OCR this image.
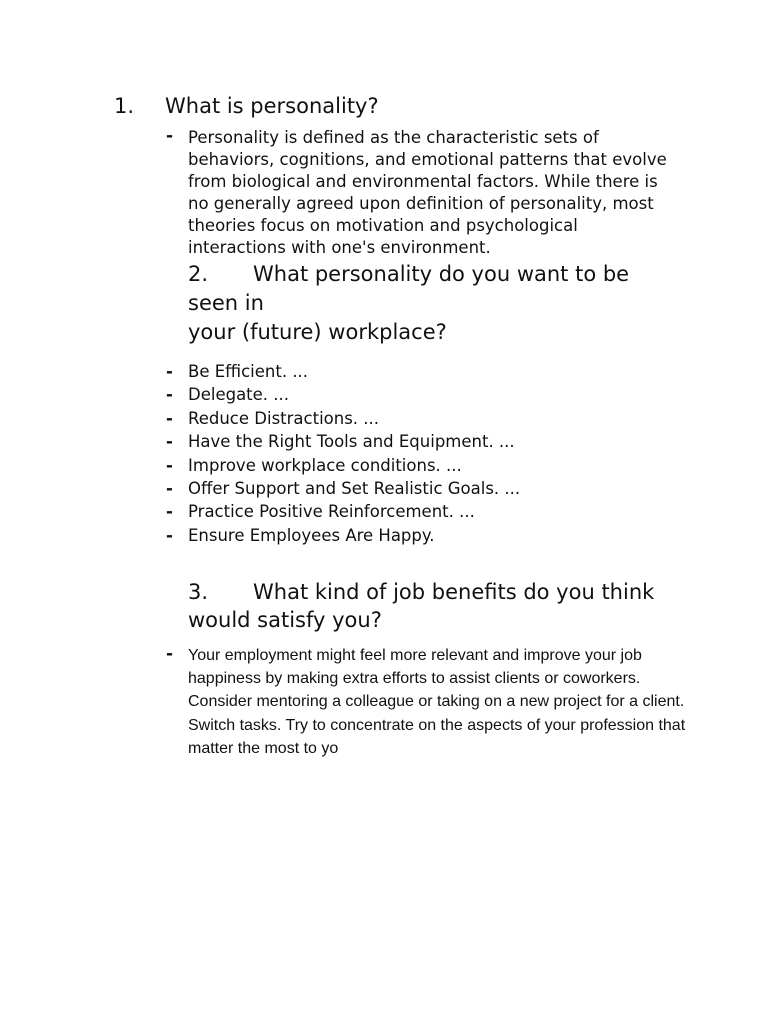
1. What is personality?
- Personality is defined as the characteristic sets of behaviors, cognitions, and emotional patterns that evolve from biological and environmental factors. While there is no generally agreed upon definition of personality, most theories focus on motivation and psychological interactions with one's environment.
2. What personality do you want to be seen in
your (future) workplace?
- Be Efficient. ...
- Delegate. ...
- Reduce Distractions. ...
- Have the Right Tools and Equipment. ...
- Improve workplace conditions. ...
- Offer Support and Set Realistic Goals. ...
- Practice Positive Reinforcement. ...
- Ensure Employees Are Happy.
3. What kind of job benefits do you think would satisfy you?
- Your employment might feel more relevant and improve your job happiness by making extra efforts to assist clients or coworkers. Consider mentoring a colleague or taking on a new project for a client. Switch tasks. Try to concentrate on the aspects of your profession that matter the most to yo
